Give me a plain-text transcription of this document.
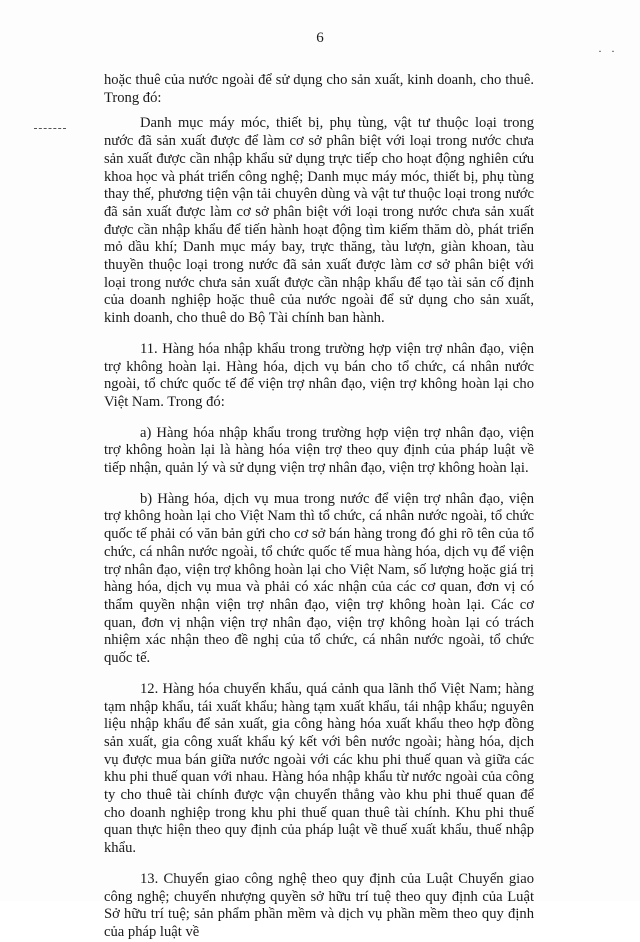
6
· ·

hoặc thuê của nước ngoài để sử dụng cho sản xuất, kinh doanh, cho thuê. Trong đó:

Danh mục máy móc, thiết bị, phụ tùng, vật tư thuộc loại trong nước đã sản xuất được để làm cơ sở phân biệt với loại trong nước chưa sản xuất được cần nhập khẩu sử dụng trực tiếp cho hoạt động nghiên cứu khoa học và phát triển công nghệ; Danh mục máy móc, thiết bị, phụ tùng thay thế, phương tiện vận tải chuyên dùng và vật tư thuộc loại trong nước đã sản xuất được làm cơ sở phân biệt với loại trong nước chưa sản xuất được cần nhập khẩu để tiến hành hoạt động tìm kiếm thăm dò, phát triển mỏ dầu khí; Danh mục máy bay, trực thăng, tàu lượn, giàn khoan, tàu thuyền thuộc loại trong nước đã sản xuất được làm cơ sở phân biệt với loại trong nước chưa sản xuất được cần nhập khẩu để tạo tài sản cố định của doanh nghiệp hoặc thuê của nước ngoài để sử dụng cho sản xuất, kinh doanh, cho thuê do Bộ Tài chính ban hành.

11. Hàng hóa nhập khẩu trong trường hợp viện trợ nhân đạo, viện trợ không hoàn lại. Hàng hóa, dịch vụ bán cho tổ chức, cá nhân nước ngoài, tổ chức quốc tế để viện trợ nhân đạo, viện trợ không hoàn lại cho Việt Nam. Trong đó:

a) Hàng hóa nhập khẩu trong trường hợp viện trợ nhân đạo, viện trợ không hoàn lại là hàng hóa viện trợ theo quy định của pháp luật về tiếp nhận, quản lý và sử dụng viện trợ nhân đạo, viện trợ không hoàn lại.

b) Hàng hóa, dịch vụ mua trong nước để viện trợ nhân đạo, viện trợ không hoàn lại cho Việt Nam thì tổ chức, cá nhân nước ngoài, tổ chức quốc tế phải có văn bản gửi cho cơ sở bán hàng trong đó ghi rõ tên của tổ chức, cá nhân nước ngoài, tổ chức quốc tế mua hàng hóa, dịch vụ để viện trợ nhân đạo, viện trợ không hoàn lại cho Việt Nam, số lượng hoặc giá trị hàng hóa, dịch vụ mua và phải có xác nhận của các cơ quan, đơn vị có thẩm quyền nhận viện trợ nhân đạo, viện trợ không hoàn lại. Các cơ quan, đơn vị nhận viện trợ nhân đạo, viện trợ không hoàn lại có trách nhiệm xác nhận theo đề nghị của tổ chức, cá nhân nước ngoài, tổ chức quốc tế.

12. Hàng hóa chuyển khẩu, quá cảnh qua lãnh thổ Việt Nam; hàng tạm nhập khẩu, tái xuất khẩu; hàng tạm xuất khẩu, tái nhập khẩu; nguyên liệu nhập khẩu để sản xuất, gia công hàng hóa xuất khẩu theo hợp đồng sản xuất, gia công xuất khẩu ký kết với bên nước ngoài; hàng hóa, dịch vụ được mua bán giữa nước ngoài với các khu phi thuế quan và giữa các khu phi thuế quan với nhau. Hàng hóa nhập khẩu từ nước ngoài của công ty cho thuê tài chính được vận chuyển thẳng vào khu phi thuế quan để cho doanh nghiệp trong khu phi thuế quan thuê tài chính. Khu phi thuế quan thực hiện theo quy định của pháp luật về thuế xuất khẩu, thuế nhập khẩu.

13. Chuyển giao công nghệ theo quy định của Luật Chuyển giao công nghệ; chuyển nhượng quyền sở hữu trí tuệ theo quy định của Luật Sở hữu trí tuệ; sản phẩm phần mềm và dịch vụ phần mềm theo quy định của pháp luật về
